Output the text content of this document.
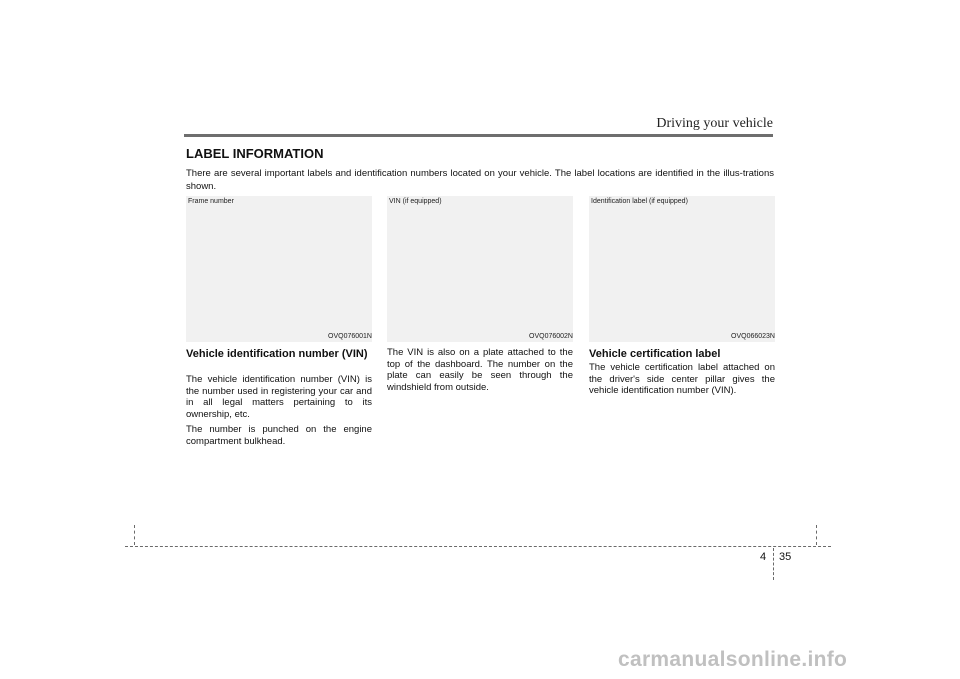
Driving your vehicle
LABEL INFORMATION
There are several important labels and identification numbers located on your vehicle. The label locations are identified in the illus-trations shown.
Frame number
OVQ076001N
VIN (if equipped)
OVQ076002N
Identification label (if equipped)
OVQ066023N
Vehicle identification number (VIN)

The vehicle identification number (VIN) is the number used in registering your car and in all legal matters pertaining to its ownership, etc.

The number is punched on the engine compartment bulkhead.

The VIN is also on a plate attached to the top of the dashboard. The number on the plate can easily be seen through the windshield from outside.

Vehicle certification label

The vehicle certification label attached on the driver's side center pillar gives the vehicle identification number (VIN).

4 35
carmanualsonline.info
